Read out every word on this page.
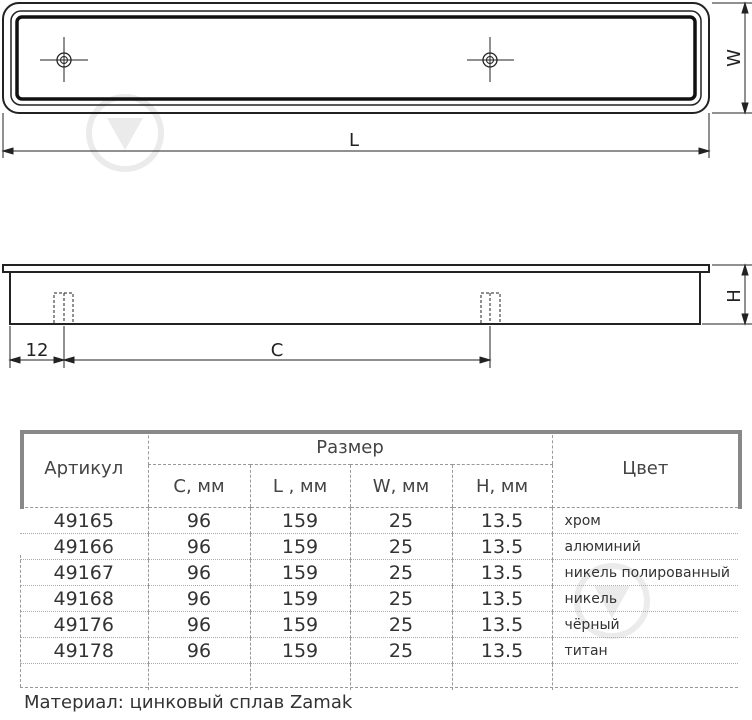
W
L
H
12	C
Артикул	Размер				Цвет
	C, мм	L , мм	W, мм	H, мм	
49165	96	159	25	13.5	хром
49166	96	159	25	13.5	алюминий
49167	96	159	25	13.5	никель полированный
49168	96	159	25	13.5	никель
49176	96	159	25	13.5	чёрный
49178	96	159	25	13.5	титан

Материал: цинковый сплав Zamak
